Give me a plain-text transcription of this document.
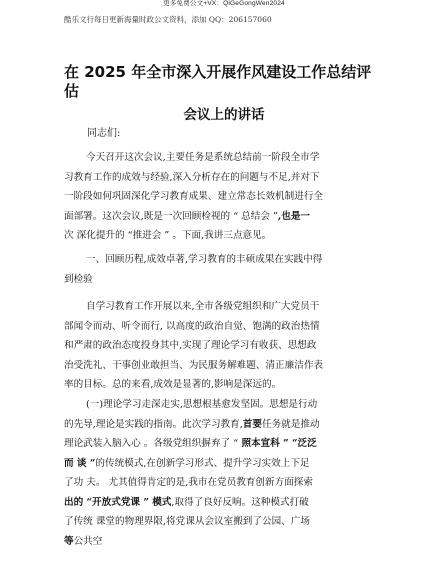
更多免费公文+VX：QiGeGongWen2024
酷乐文行每日更新海量时政公文资料，添加 QQ：206157060
在 2025 年全市深入开展作风建设工作总结评
估
会议上的讲话
同志们:
今天召开这次会议,主要任务是系统总结前一阶段全市学
习教育工作的成效与经验,深入分析存在的问题与不足,并对下
一阶段如何巩固深化学习教育成果、建立常态长效机制进行全
面部署。这次会议,既是一次回顾检视的 “ 总结会 ”,也是一
次 深化提升的 “推进会 ” 。下面,我讲三点意见。
一、回顾历程,成效卓著,学习教育的丰硕成果在实践中得
到检验
自学习教育工作开展以来,全市各级党组织和广大党员干
部闻令而动、听令而行, 以高度的政治自觉、饱满的政治热情
和严肃的政治态度投身其中,实现了理论学习有收获、思想政
治受洗礼、干事创业敢担当、为民服务解难题、清正廉洁作表
率的目标。总的来看,成效是显著的,影响是深远的。
(一)理论学习走深走实,思想根基愈发坚固。思想是行动
的先导,理论是实践的指南。此次学习教育,首要任务就是推动
理论武装入脑入心 。各级党组织摒弃了 “ 照本宣科 ” “泛泛
而 谈 ”的传统模式,在创新学习形式、提升学习实效上下足
了功 夫。 尤其值得肯定的是,我市在党员教育创新方面探索
出的 “开放式党课 ” 模式,取得了良好反响。这种模式打破
了传统 课堂的物理界限,将党课从会议室搬到了公园、广场
等公共空
